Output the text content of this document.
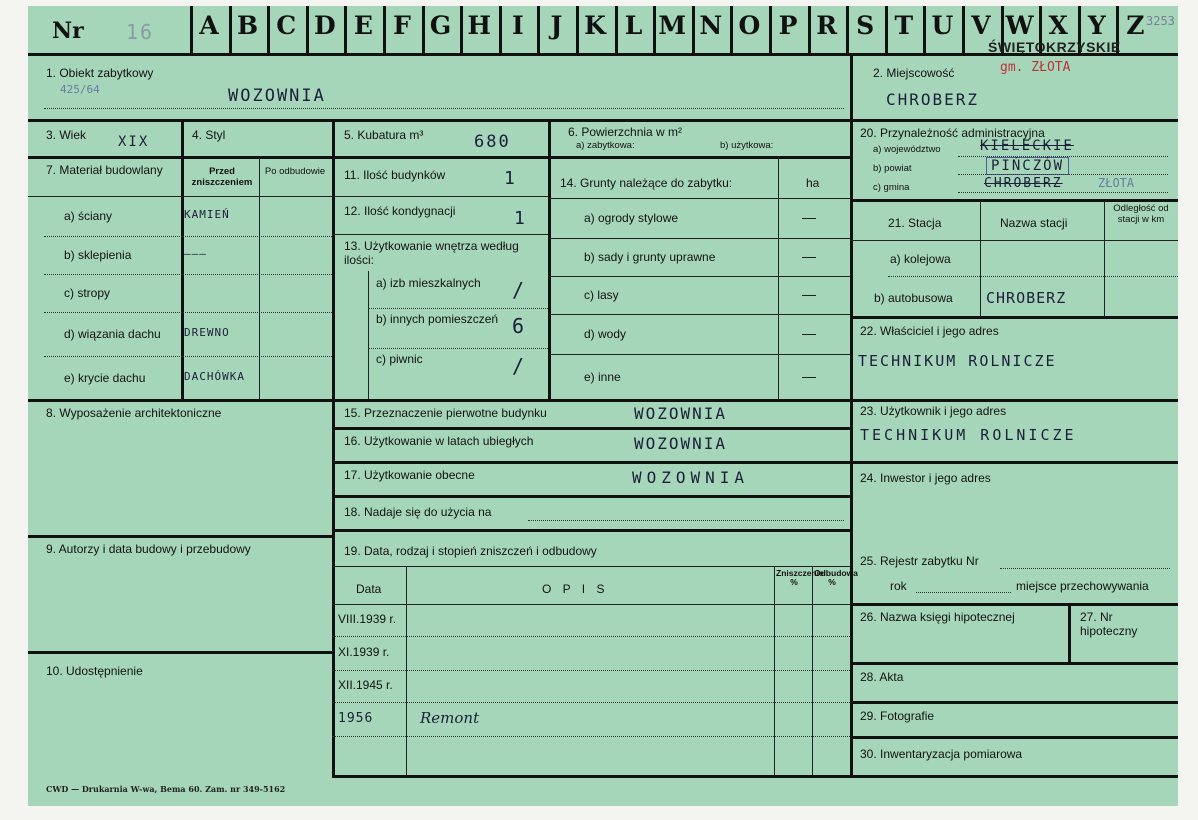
Nr 16 A B C D E F G H I	J K L M N O P R S T U V W X Y Z
ŚWIĘTOKRZYSKIE
3253
1. Obiekt zabytkowy
425/64	WOZOWNIA
2. Miejscowość	gm. ZŁOTA
CHROBERZ
3. Wiek XIX	4. Styl	5. Kubatura m³	680	6. Powierzchnia w m²
a) zabytkowa:	b) użytkowa:
20. Przynależność administracyjna
a) województwo	KIELECKIE
b) powiat	PIŃCZÓW
c) gmina	CHROBERZ	ZŁOTA
7. Materiał budowlany	Przed zniszczeniem
Po odbudowie
a) ściany	KAMIEŃ
b) sklepienia	———
c) stropy
d) wiązania dachu DREWNO
e) krycie dachu	DACHÓWKA
11. Ilość budynków	1
12. Ilość kondygnacji	1
13. Użytkowanie wnętrza według ilości:
a) izb mieszkalnych /
b) innych pomieszczeń 6
c) piwnic	/
14. Grunty należące do zabytku:	ha
a) ogrody stylowe	—
b) sady i grunty uprawne	—
c) lasy	—
d) wody	—
e) inne	—
21. Stacja	Nazwa stacji
Odległość od stacji w km
a) kolejowa
b) autobusowa CHROBERZ
22. Właściciel i jego adres
TECHNIKUM ROLNICZE
8. Wyposażenie architektoniczne	15. Przeznaczenie pierwotne budynku	WOZOWNIA
16. Użytkowanie w latach ubiegłych	WOZOWNIA
17. Użytkowanie obecne	WOZOWNIA
18. Nadaje się do użycia na
23. Użytkownik i jego adres
TECHNIKUM ROLNICZE
24. Inwestor i jego adres
9. Autorzy i data budowy i przebudowy	19. Data, rodzaj i stopień zniszczeń i odbudowy
Data	O P I S
Zniszczenie %
Odbudowa %
VIII.1939 r.
XI.1939 r.
XII.1945 r.
1956	Remont
25. Rejestr zabytku Nr
rok	miejsce przechowywania
26. Nazwa księgi hipotecznej	27. Nr hipoteczny
28. Akta
29. Fotografie
30. Inwentaryzacja pomiarowa
10. Udostępnienie
CWD — Drukarnia W-wa, Bema 60. Zam. nr 349-5162
